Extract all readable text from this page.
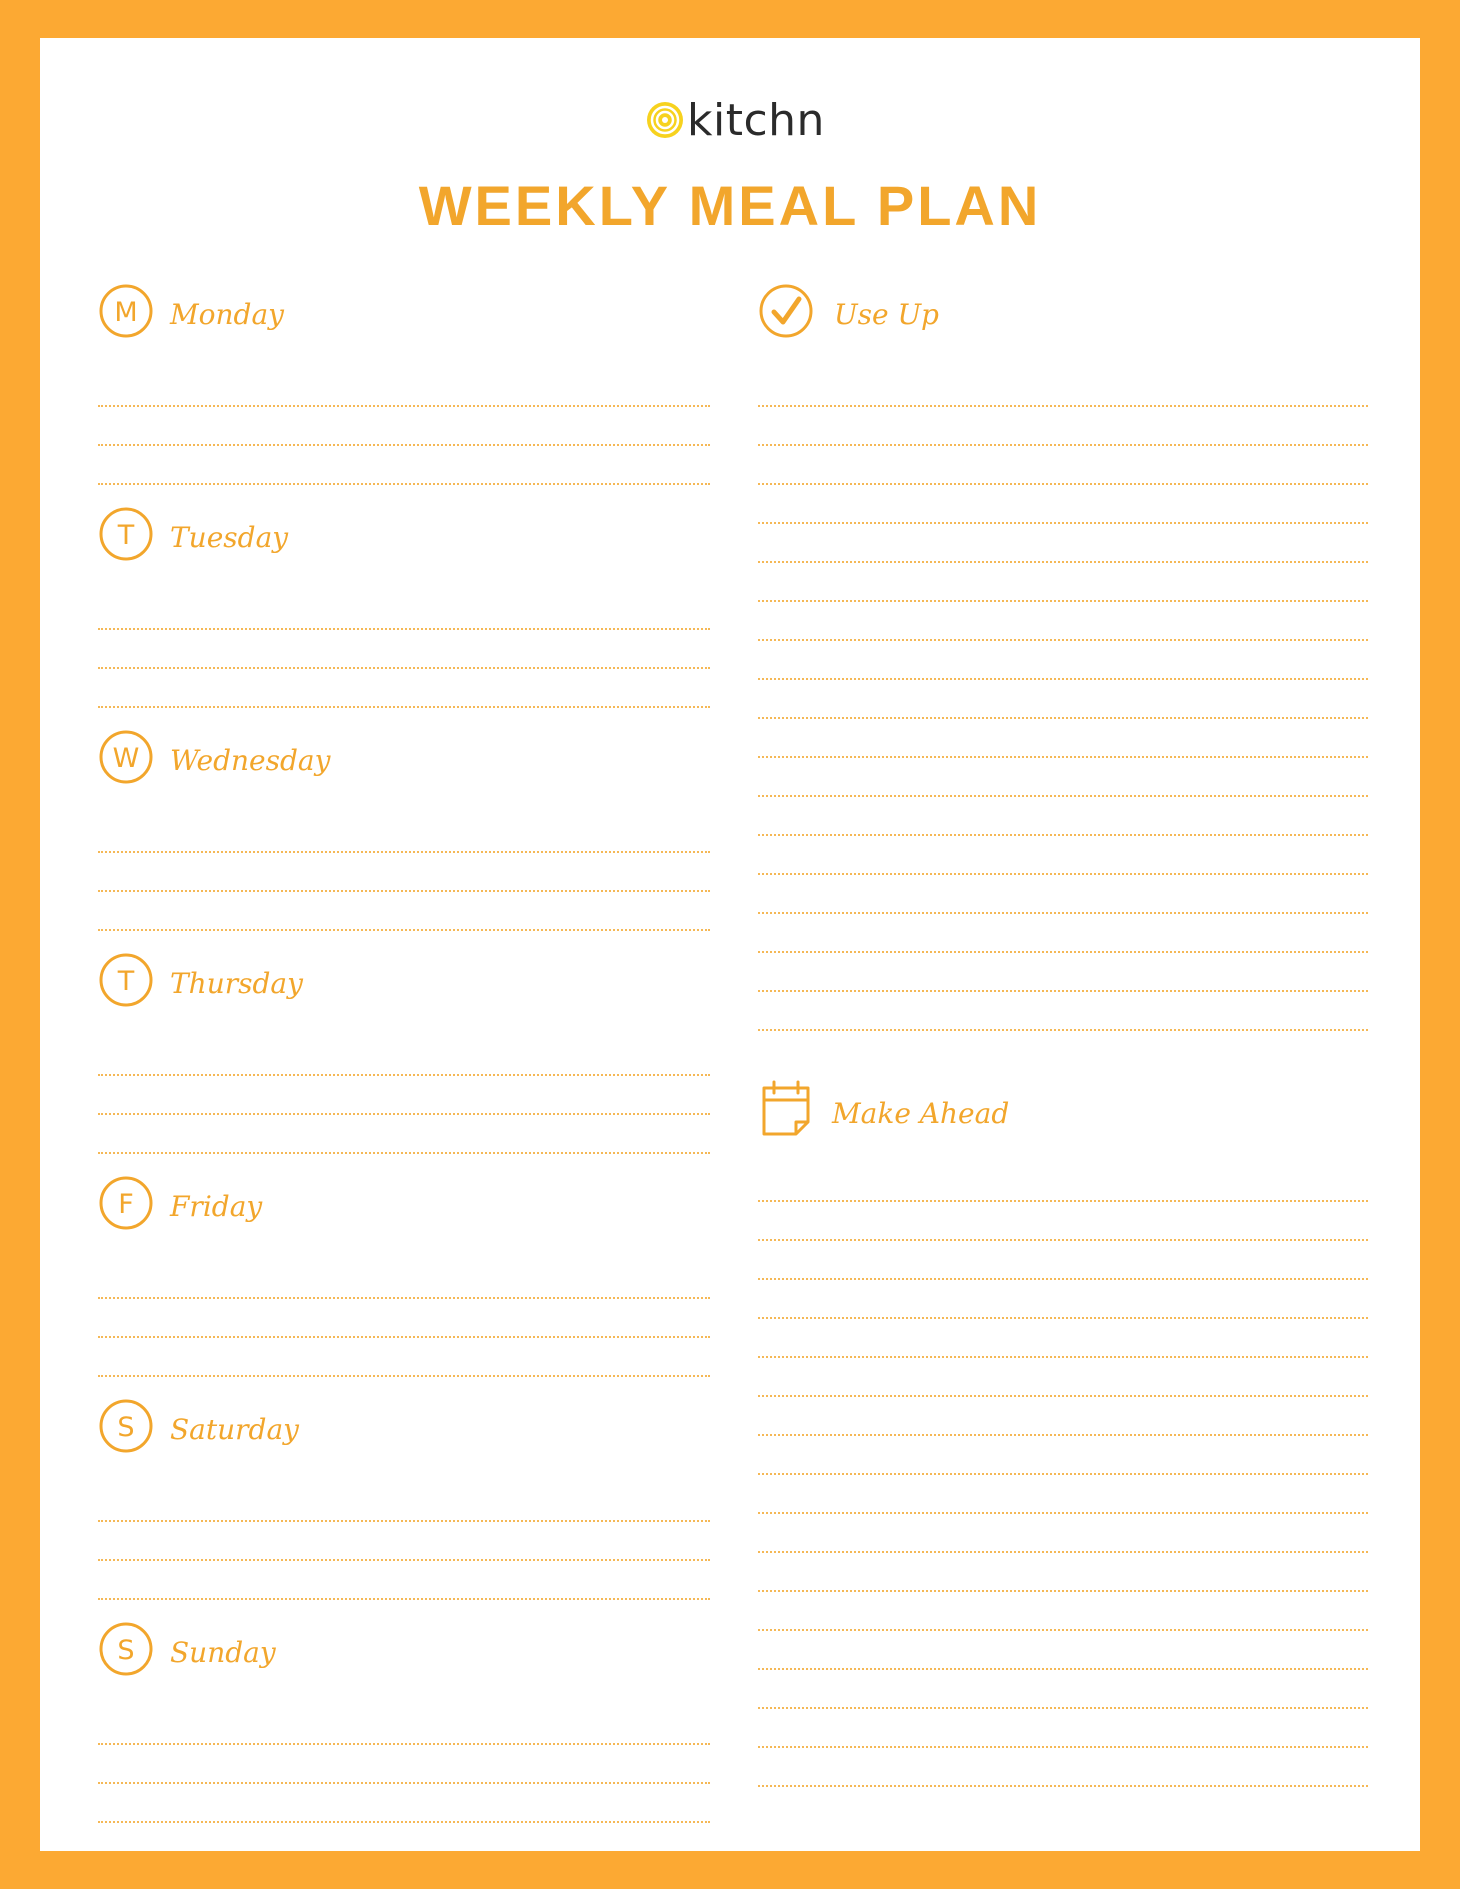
kitchn
WEEKLY MEAL PLAN
M Monday
T Tuesday
W Wednesday
T Thursday
F Friday
S Saturday
S Sunday
Use Up
Make Ahead
